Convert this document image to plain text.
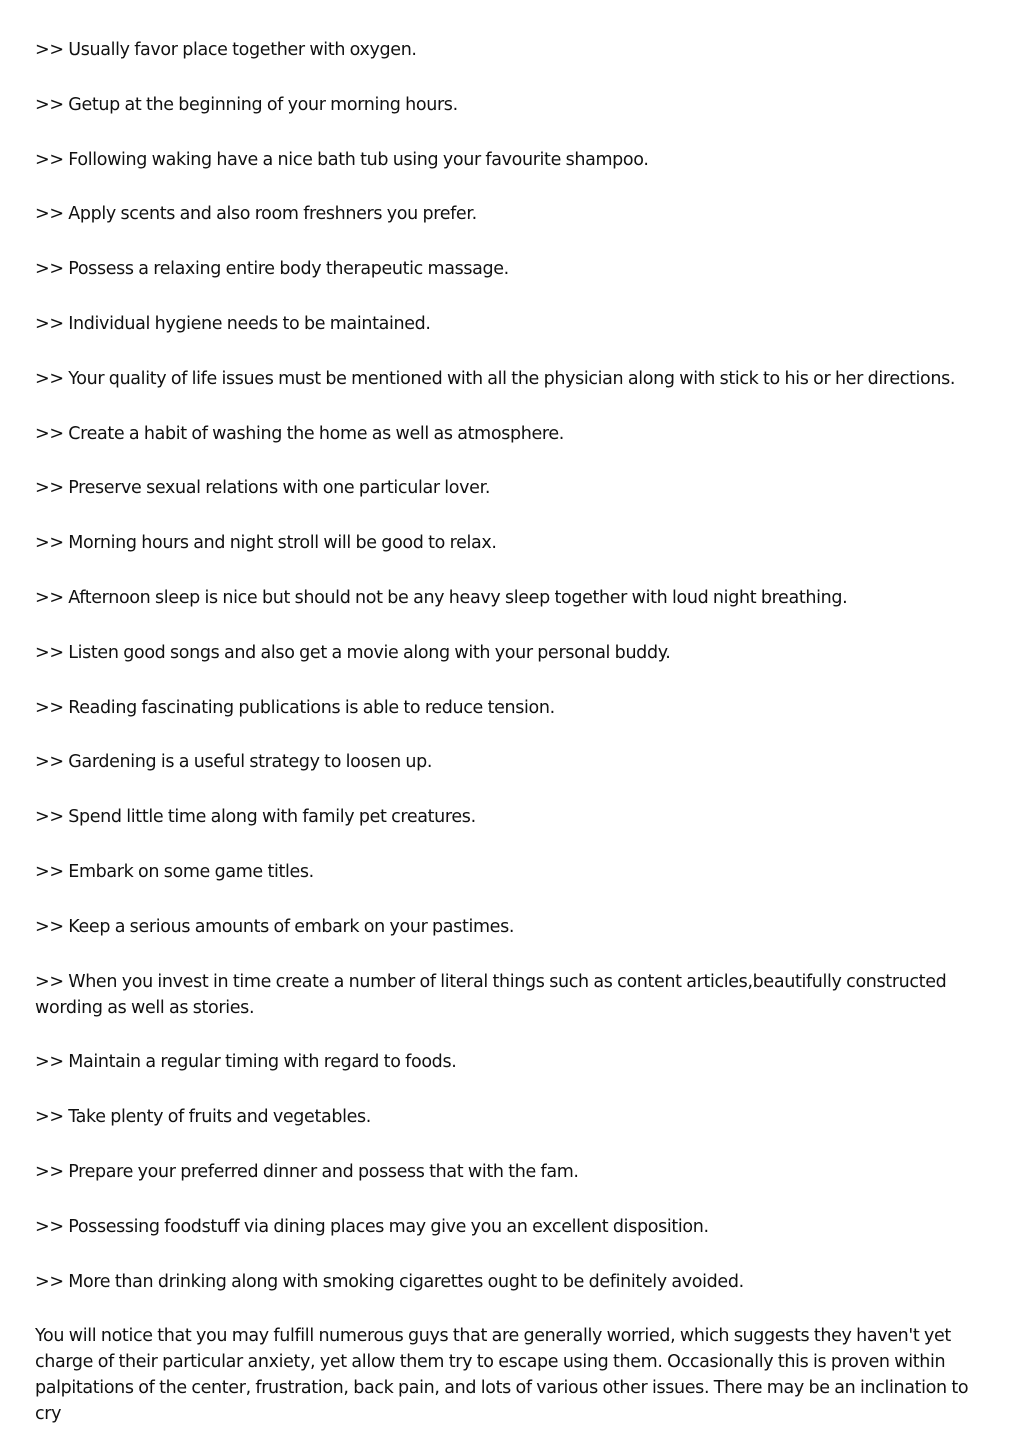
>> Usually favor place together with oxygen.

>> Getup at the beginning of your morning hours.

>> Following waking have a nice bath tub using your favourite shampoo.

>> Apply scents and also room freshners you prefer.

>> Possess a relaxing entire body therapeutic massage.

>> Individual hygiene needs to be maintained.

>> Your quality of life issues must be mentioned with all the physician along with stick to his or her directions.

>> Create a habit of washing the home as well as atmosphere.

>> Preserve sexual relations with one particular lover.

>> Morning hours and night stroll will be good to relax.

>> Afternoon sleep is nice but should not be any heavy sleep together with loud night breathing.

>> Listen good songs and also get a movie along with your personal buddy.

>> Reading fascinating publications is able to reduce tension.

>> Gardening is a useful strategy to loosen up.

>> Spend little time along with family pet creatures.

>> Embark on some game titles.

>> Keep a serious amounts of embark on your pastimes.

>> When you invest in time create a number of literal things such as content articles,beautifully constructed wording as well as stories.

>> Maintain a regular timing with regard to foods.

>> Take plenty of fruits and vegetables.

>> Prepare your preferred dinner and possess that with the fam.

>> Possessing foodstuff via dining places may give you an excellent disposition.

>> More than drinking along with smoking cigarettes ought to be definitely avoided.

You will notice that you may fulfill numerous guys that are generally worried, which suggests they haven't yet charge of their particular anxiety, yet allow them try to escape using them. Occasionally this is proven within palpitations of the center, frustration, back pain, and lots of various other issues. There may be an inclination to cry
